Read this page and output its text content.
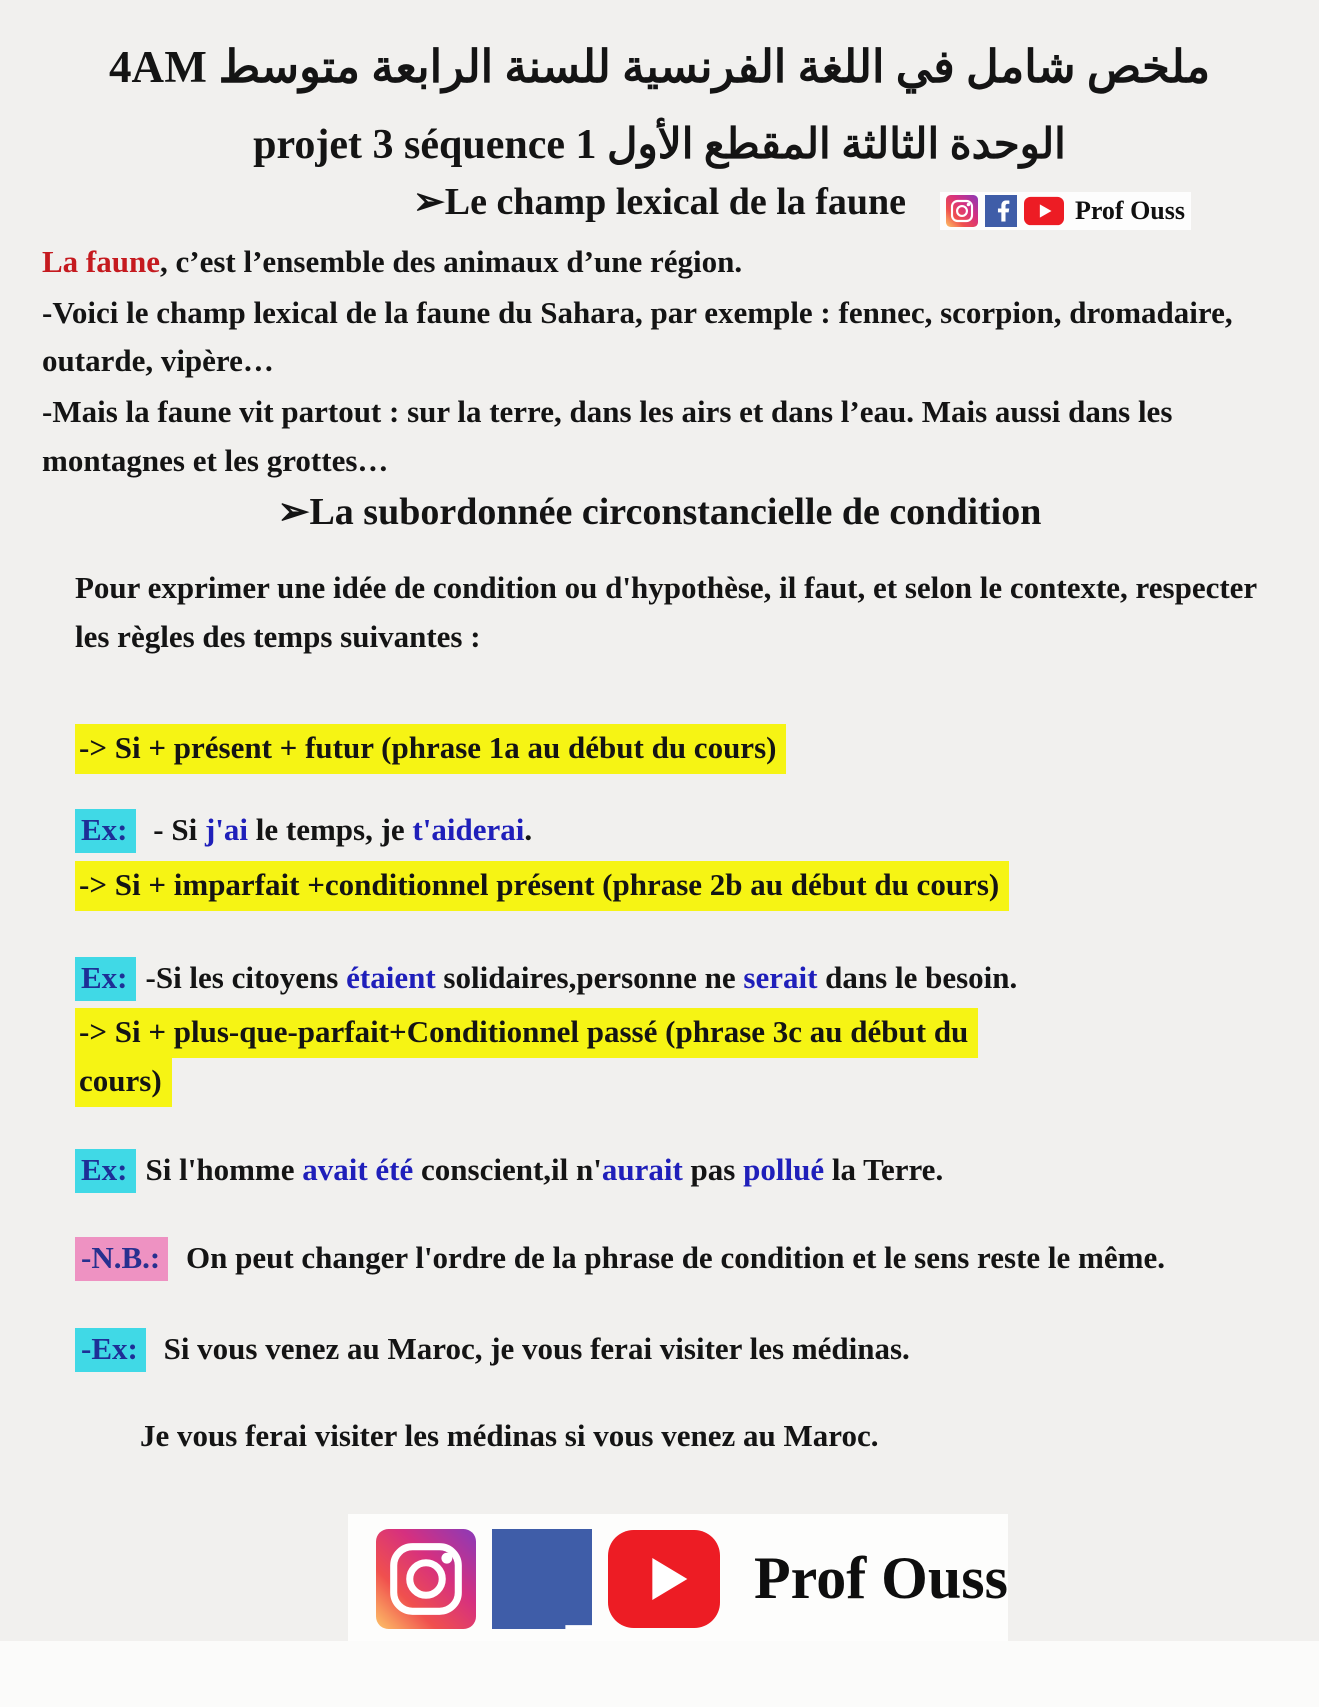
ملخص شامل في اللغة الفرنسية للسنة الرابعة متوسط 4AM
projet 3 séquence 1 الوحدة الثالثة المقطع الأول
Prof Ouss
➢Le champ lexical de la faune

La faune, c’est l’ensemble des animaux d’une région.

-Voici le champ lexical de la faune du Sahara, par exemple : fennec, scorpion, dromadaire, outarde, vipère…

-Mais la faune vit partout : sur la terre, dans les airs et dans l’eau. Mais aussi dans les montagnes et les grottes…

➢La subordonnée circonstancielle de condition
Pour exprimer une idée de condition ou d'hypothèse, il faut, et selon le contexte, respecter les règles des temps suivantes :
-> Si + présent + futur (phrase 1a au début du cours)
Ex: - Si j'ai le temps, je t'aiderai.
-> Si + imparfait +conditionnel présent (phrase 2b au début du cours)
Ex: -Si les citoyens étaient solidaires,personne ne serait dans le besoin.
-> Si + plus-que-parfait+Conditionnel passé (phrase 3c au début du
cours)
Ex: Si l'homme avait été conscient,il n'aurait pas pollué la Terre.
-N.B.: On peut changer l'ordre de la phrase de condition et le sens reste le même.
-Ex: Si vous venez au Maroc, je vous ferai visiter les médinas.
Je vous ferai visiter les médinas si vous venez au Maroc.
Prof Ouss
